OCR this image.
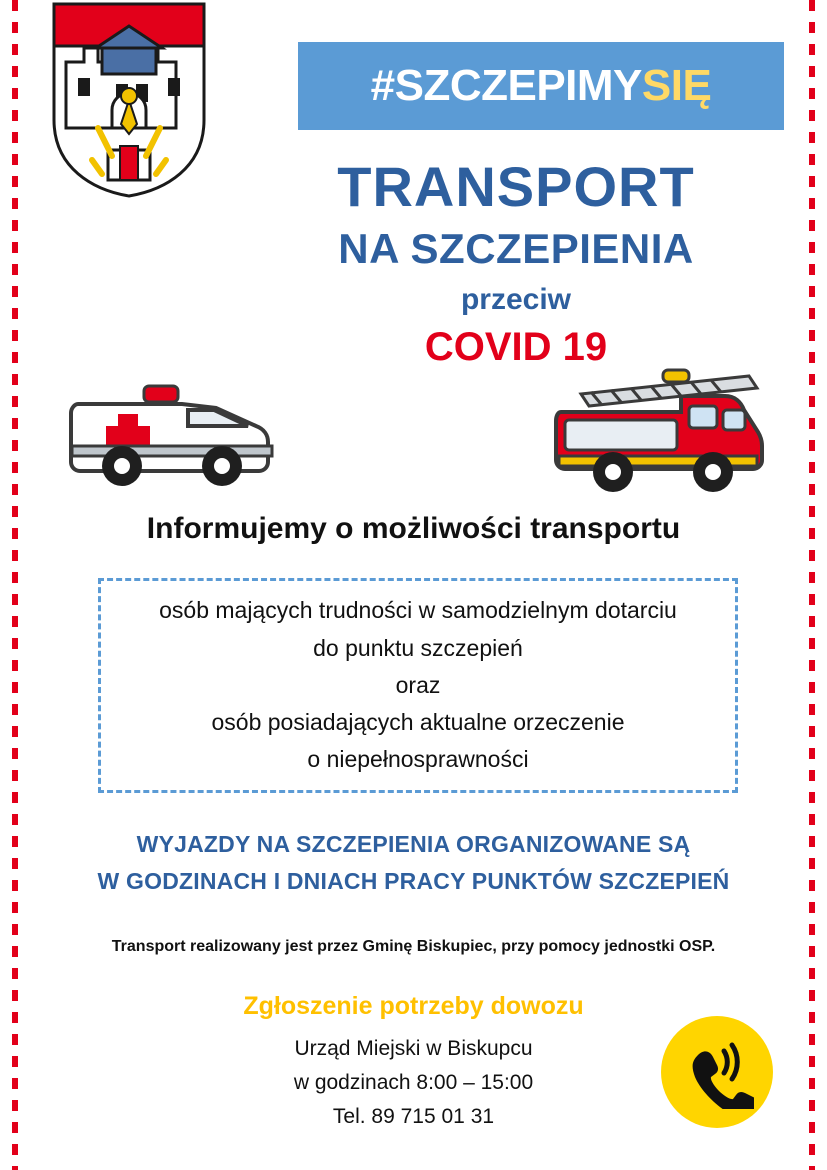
#SZCZEPIMYSIĘ
TRANSPORT
NA SZCZEPIENIA
przeciw
COVID 19
Informujemy o możliwości transportu

osób mających trudności w samodzielnym dotarciu

do punktu szczepień

oraz

osób posiadających aktualne orzeczenie

o niepełnosprawności

WYJAZDY NA SZCZEPIENIA ORGANIZOWANE SĄ
W GODZINACH I DNIACH PRACY PUNKTÓW SZCZEPIEŃ
Transport realizowany jest przez Gminę Biskupiec, przy pomocy jednostki OSP.
Zgłoszenie potrzeby dowozu
Urząd Miejski w Biskupcu
w godzinach 8:00 – 15:00
Tel. 89 715 01 31
